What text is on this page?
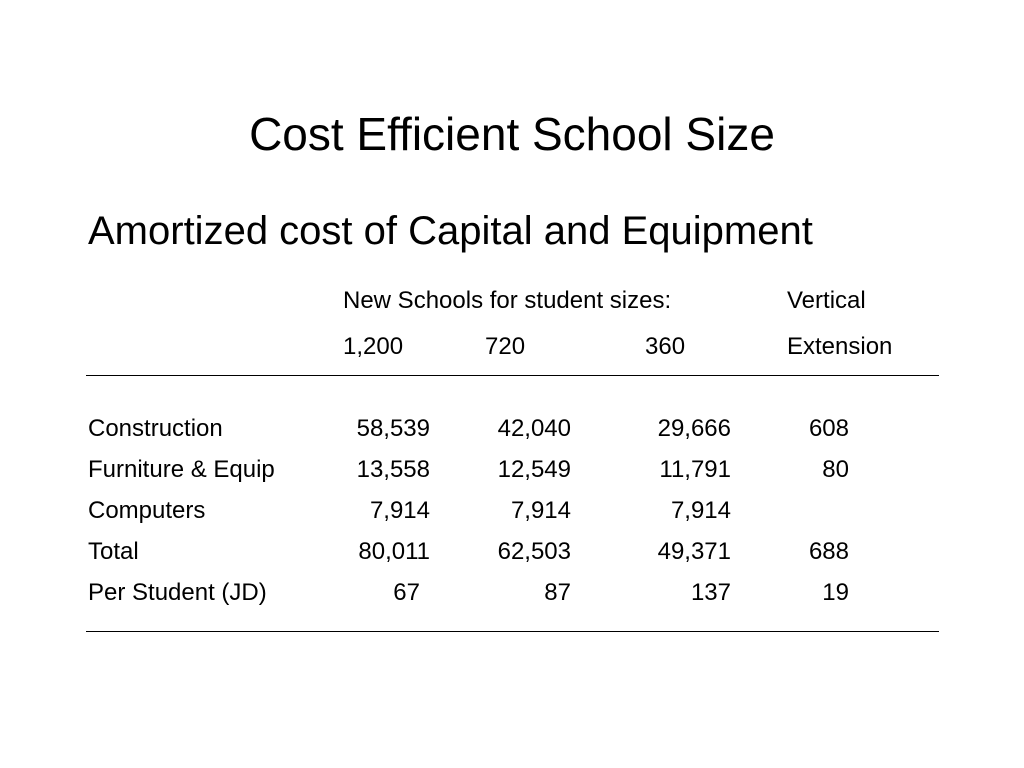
Cost Efficient School Size
Amortized cost of Capital and Equipment
New Schools for student sizes:	Vertical
1,200	720	360	Extension
Construction	58,539	42,040	29,666	608
Furniture & Equip	13,558	12,549	11,791	80
Computers	7,914	7,914	7,914
Total	80,011	62,503	49,371	688
Per Student (JD)	67	87	137	19
